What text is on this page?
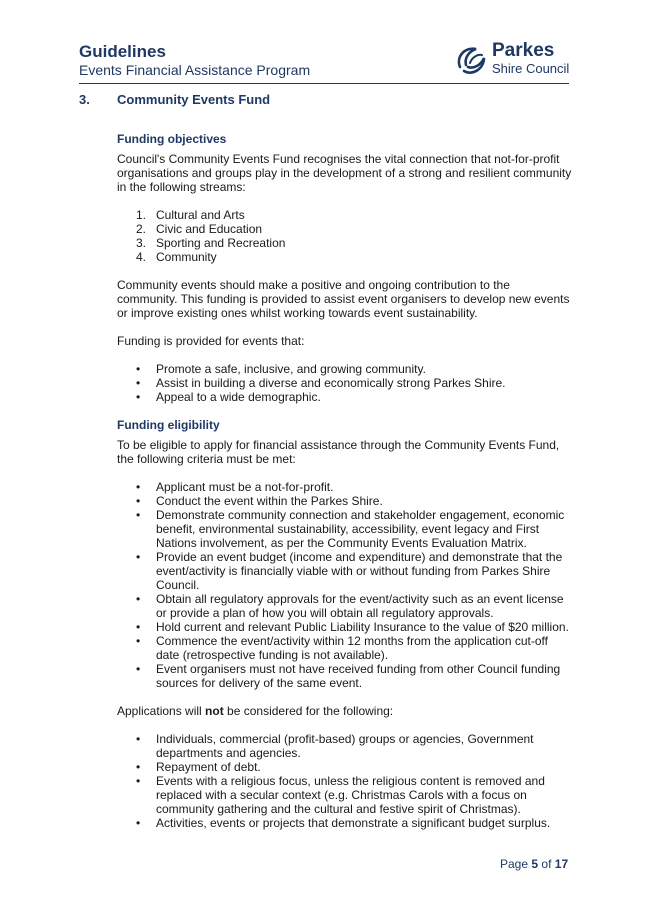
Guidelines
Events Financial Assistance Program
Parkes
Shire Council
3. Community Events Fund
Funding objectives

Council's Community Events Fund recognises the vital connection that not-for-profit organisations and groups play in the development of a strong and resilient community in the following streams:

1. Cultural and Arts
2. Civic and Education
3. Sporting and Recreation
4. Community

Community events should make a positive and ongoing contribution to the community. This funding is provided to assist event organisers to develop new events or improve existing ones whilst working towards event sustainability.

Funding is provided for events that:

• Promote a safe, inclusive, and growing community.
• Assist in building a diverse and economically strong Parkes Shire.
• Appeal to a wide demographic.
Funding eligibility

To be eligible to apply for financial assistance through the Community Events Fund, the following criteria must be met:

• Applicant must be a not-for-profit.
• Conduct the event within the Parkes Shire.
• Demonstrate community connection and stakeholder engagement, economic benefit, environmental sustainability, accessibility, event legacy and First Nations involvement, as per the Community Events Evaluation Matrix.
• Provide an event budget (income and expenditure) and demonstrate that the event/activity is financially viable with or without funding from Parkes Shire Council.
• Obtain all regulatory approvals for the event/activity such as an event license or provide a plan of how you will obtain all regulatory approvals.
• Hold current and relevant Public Liability Insurance to the value of $20 million.
• Commence the event/activity within 12 months from the application cut-off date (retrospective funding is not available).
• Event organisers must not have received funding from other Council funding sources for delivery of the same event.

Applications will not be considered for the following:

• Individuals, commercial (profit-based) groups or agencies, Government departments and agencies.
• Repayment of debt.
• Events with a religious focus, unless the religious content is removed and replaced with a secular context (e.g. Christmas Carols with a focus on community gathering and the cultural and festive spirit of Christmas).
• Activities, events or projects that demonstrate a significant budget surplus.
Page 5 of 17
